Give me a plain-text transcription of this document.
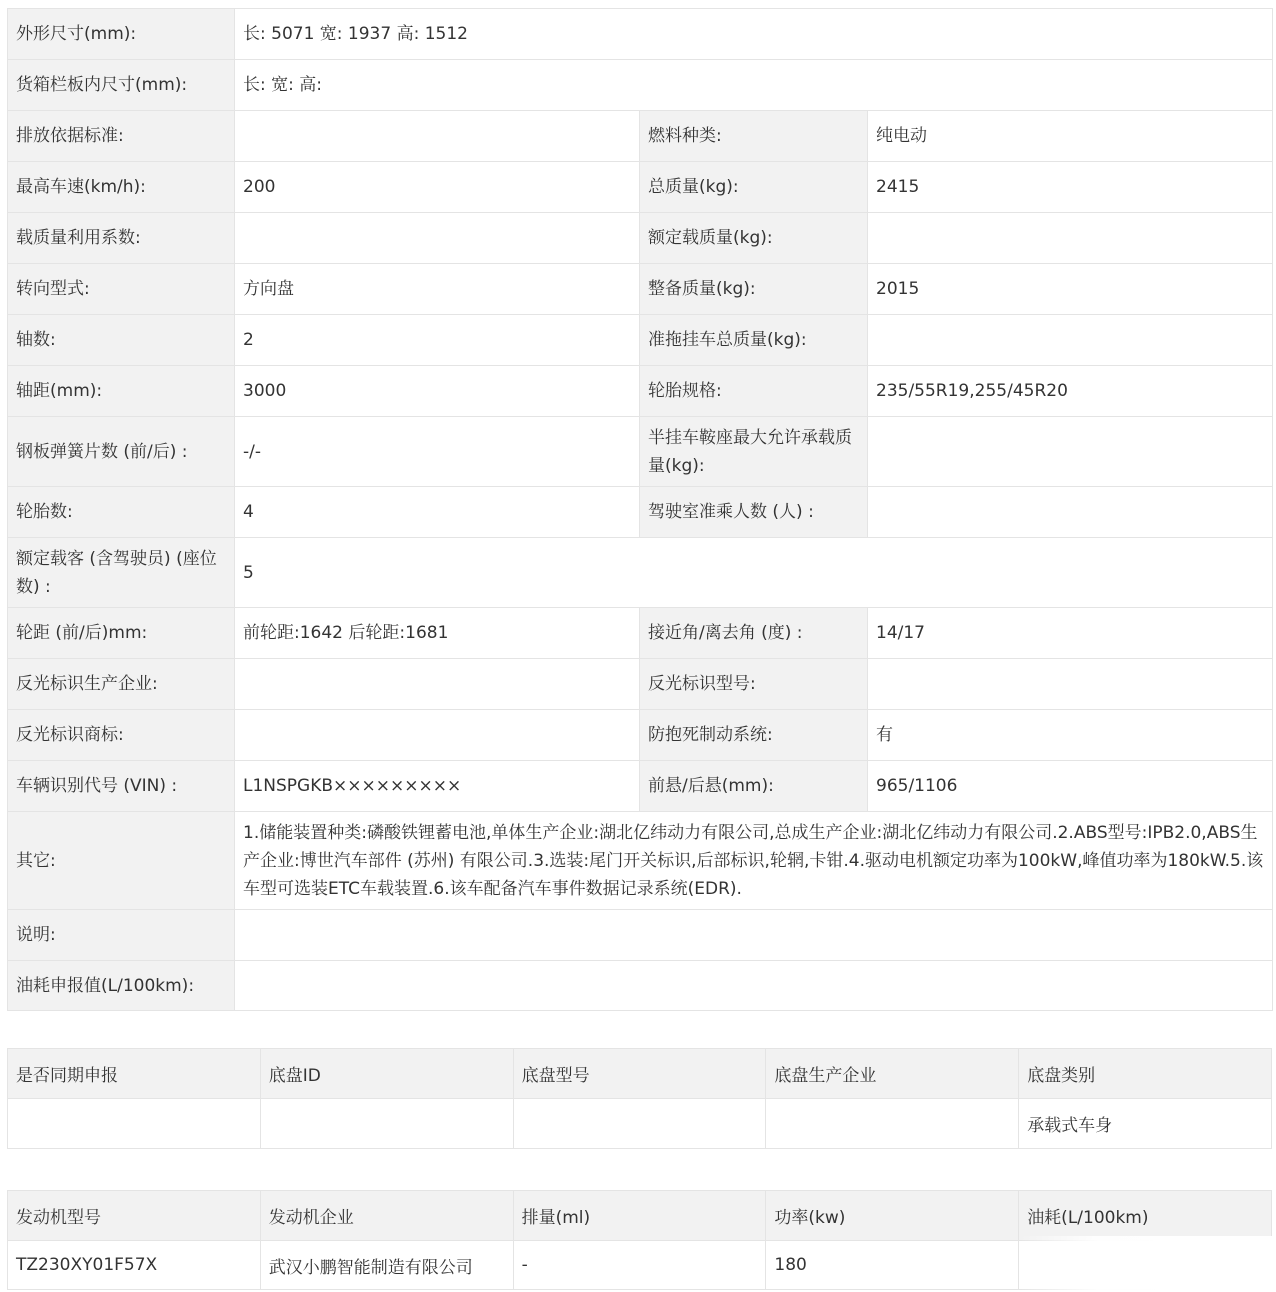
外形尺寸(mm):	长: 5071 宽: 1937 高: 1512		
货箱栏板内尺寸(mm):	长: 宽: 高:		
排放依据标准:		燃料种类:	纯电动
最高车速(km/h):	200	总质量(kg):	2415
载质量利用系数:		额定载质量(kg):	
转向型式:	方向盘	整备质量(kg):	2015
轴数:	2	准拖挂车总质量(kg):	
轴距(mm):	3000	轮胎规格:	235/55R19,255/45R20
钢板弹簧片数 (前/后) :	-/-	半挂车鞍座最大允许承载质量(kg):	
轮胎数:	4	驾驶室准乘人数 (人) :	
额定载客 (含驾驶员) (座位数) :	5		
轮距 (前/后)mm:	前轮距:1642 后轮距:1681	接近角/离去角 (度) :	14/17
反光标识生产企业:		反光标识型号:	
反光标识商标:		防抱死制动系统:	有
车辆识别代号 (VIN) :	L1NSPGKB×××××××××	前悬/后悬(mm):	965/1106
其它:	1.储能装置种类:磷酸铁锂蓄电池,单体生产企业:湖北亿纬动力有限公司,总成生产企业:湖北亿纬动力有限公司.2.ABS型号:IPB2.0,ABS生产企业:博世汽车部件 (苏州) 有限公司.3.选装:尾门开关标识,后部标识,轮辋,卡钳.4.驱动电机额定功率为100kW,峰值功率为180kW.5.该车型可选装ETC车载装置.6.该车配备汽车事件数据记录系统(EDR).		
说明:			
油耗申报值(L/100km):			
是否同期申报	底盘ID	底盘型号	底盘生产企业	底盘类别
				承载式车身
发动机型号	发动机企业	排量(ml)	功率(kw)	油耗(L/100km)
TZ230XY01F57X	武汉小鹏智能制造有限公司	-	180	
